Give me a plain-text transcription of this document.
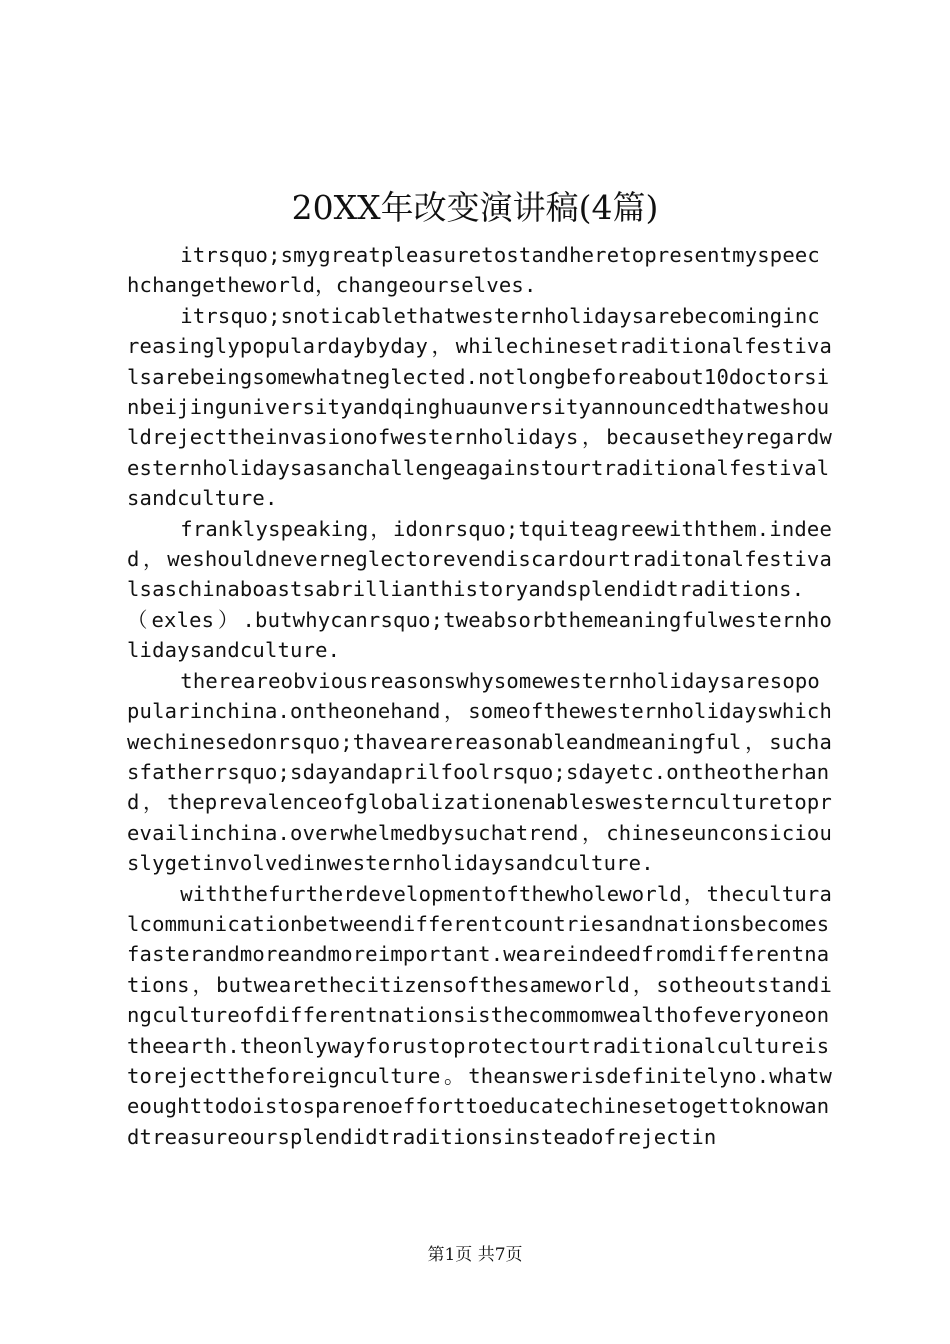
20XX年改变演讲稿(4篇)

itrsquo;smygreatpleasuretostandheretopresentmyspeechchangetheworld，changeourselves.

itrsquo;snoticablethatwesternholidaysarebecomingincreasinglypopulardaybyday，whilechinesetraditionalfestivalsarebeingsomewhatneglected.notlongbeforeabout10doctorsinbeijinguniversityandqinghuaunversityannouncedthatweshouldrejecttheinvasionofwesternholidays，becausetheyregardwesternholidaysasanchallengeagainstourtraditionalfestivalsandculture.

franklyspeaking，idonrsquo;tquiteagreewiththem.indeed，weshouldneverneglectorevendiscardourtraditonalfestivalsaschinaboastsabrillianthistoryandsplendidtraditions.

（exles）.butwhycanrsquo;tweabsorbthemeaningfulwesternholidaysandculture.

thereareobviousreasonswhysomewesternholidaysaresopopularinchina.ontheonehand，someofthewesternholidayswhichwechinesedonrsquo;thavearereasonableandmeaningful，suchasfatherrsquo;sdayandaprilfoolrsquo;sdayetc.ontheotherhand，theprevalenceofglobalizationenableswesternculturetoprevailinchina.overwhelmedbysuchatrend，chineseunconsiciouslygetinvolvedinwesternholidaysandculture.

withthefurtherdevelopmentofthewholeworld，theculturalcommunicationbetweendifferentcountriesandnationsbecomesfasterandmoreandmoreimportant.weareindeedfromdifferentnations，butwearethecitizensofthesameworld，sotheoutstandingcultureofdifferentnationsisthecommomwealthofeveryoneontheearth.theonlywayforustoprotectourtraditionalcultureistorejecttheforeignculture。theanswerisdefinitelyno.whatweoughttodoistosparenoefforttoeducatechinesetogettoknowandtreasureoursplendidtraditionsinsteadofrejectin

第1页 共7页
